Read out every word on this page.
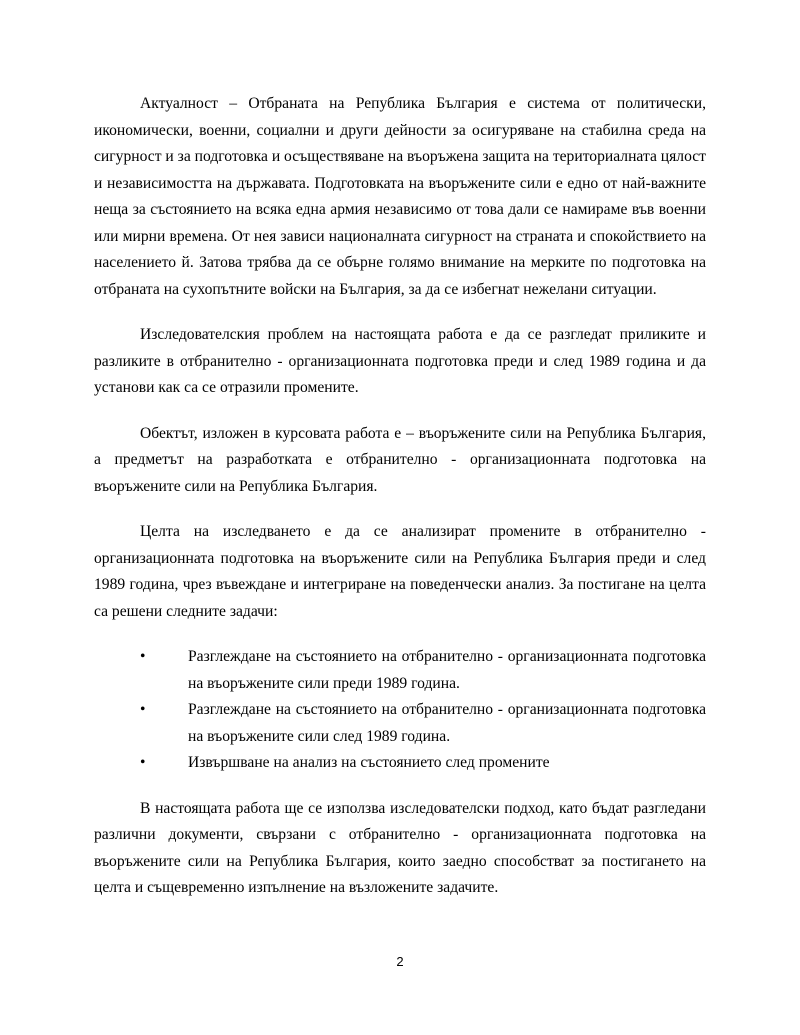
Актуалност – Отбраната на Република България е система от политически, икономически, военни, социални и други дейности за осигуряване на стабилна среда на сигурност и за подготовка и осъществяване на въоръжена защита на териториалната цялост и независимостта на държавата. Подготовката на въоръжените сили е едно от най-важните неща за състоянието на всяка една армия независимо от това дали се намираме във военни или мирни времена. От нея зависи националната сигурност на страната и спокойствието на населението й. Затова трябва да се обърне голямо внимание на мерките по подготовка на отбраната на сухопътните войски на България, за да се избегнат нежелани ситуации.

Изследователския проблем на настоящата работа е да се разгледат приликите и разликите в отбранително - организационната подготовка преди и след 1989 година и да установи как са се отразили промените.

Обектът, изложен в курсовата работа е – въоръжените сили на Република България, а предметът на разработката е отбранително - организационната подготовка на въоръжените сили на Република България.

Целта на изследването е да се анализират промените в отбранително - организационната подготовка на въоръжените сили на Република България преди и след 1989 година, чрез въвеждане и интегриране на поведенчески анализ. За постигане на целта са решени следните задачи:

•	Разглеждане на състоянието на отбранително - организационната подготовка на въоръжените сили преди 1989 година.
•	Разглеждане на състоянието на отбранително - организационната подготовка на въоръжените сили след 1989 година.
•	Извършване на анализ на състоянието след промените

В настоящата работа ще се използва изследователски подход, като бъдат разгледани различни документи, свързани с отбранително - организационната подготовка на въоръжените сили на Република България, които заедно способстват за постигането на целта и същевременно изпълнение на възложените задачите.

2
